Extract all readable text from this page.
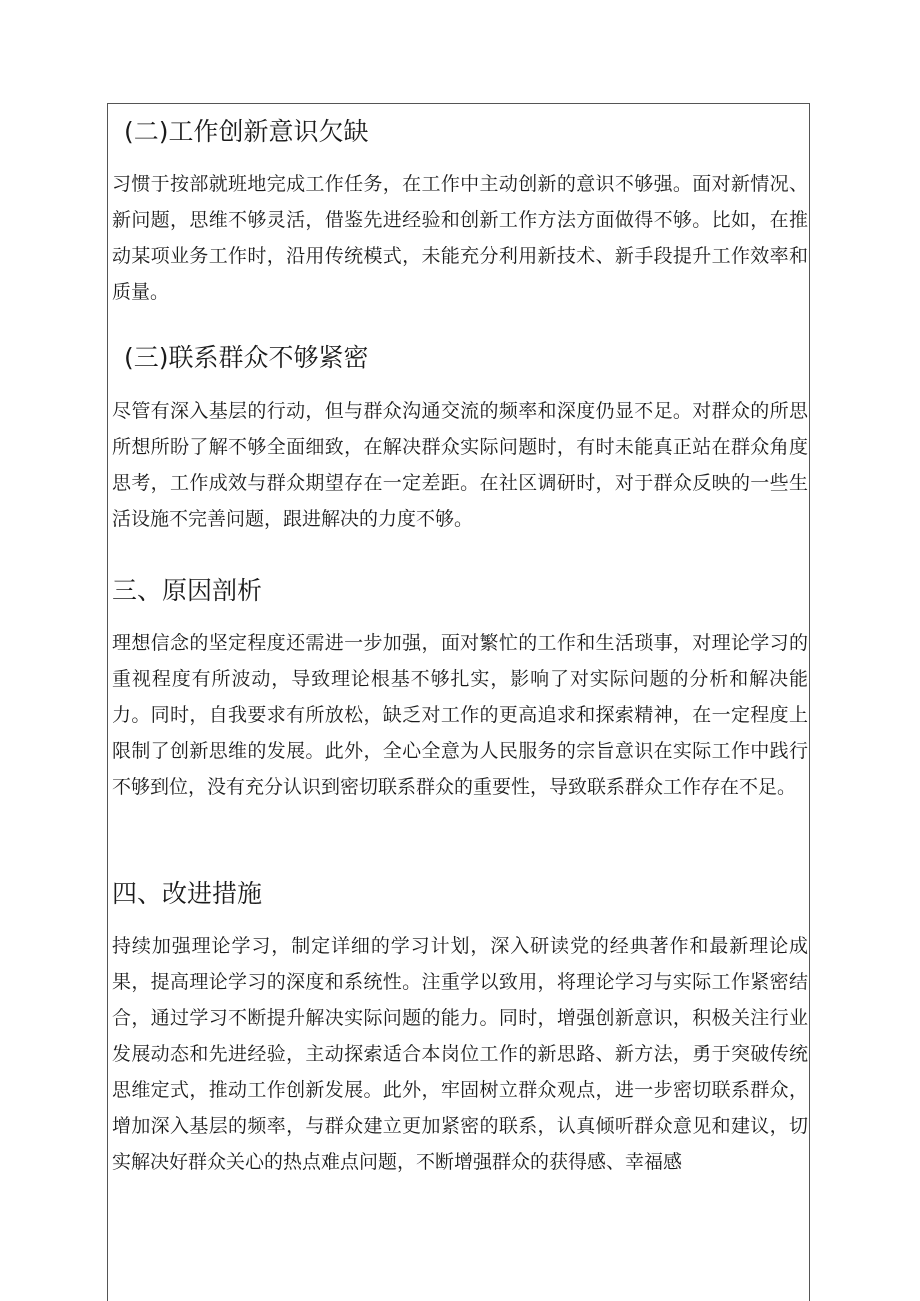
(二)工作创新意识欠缺

习惯于按部就班地完成工作任务，在工作中主动创新的意识不够强。面对新情况、新问题，思维不够灵活，借鉴先进经验和创新工作方法方面做得不够。比如，在推动某项业务工作时，沿用传统模式，未能充分利用新技术、新手段提升工作效率和质量。

(三)联系群众不够紧密

尽管有深入基层的行动，但与群众沟通交流的频率和深度仍显不足。对群众的所思所想所盼了解不够全面细致，在解决群众实际问题时，有时未能真正站在群众角度思考，工作成效与群众期望存在一定差距。在社区调研时，对于群众反映的一些生活设施不完善问题，跟进解决的力度不够。

三、原因剖析

理想信念的坚定程度还需进一步加强，面对繁忙的工作和生活琐事，对理论学习的重视程度有所波动，导致理论根基不够扎实，影响了对实际问题的分析和解决能力。同时，自我要求有所放松，缺乏对工作的更高追求和探索精神，在一定程度上限制了创新思维的发展。此外，全心全意为人民服务的宗旨意识在实际工作中践行不够到位，没有充分认识到密切联系群众的重要性，导致联系群众工作存在不足。

四、改进措施

持续加强理论学习，制定详细的学习计划，深入研读党的经典著作和最新理论成果，提高理论学习的深度和系统性。注重学以致用，将理论学习与实际工作紧密结合，通过学习不断提升解决实际问题的能力。同时，增强创新意识，积极关注行业发展动态和先进经验，主动探索适合本岗位工作的新思路、新方法，勇于突破传统思维定式，推动工作创新发展。此外，牢固树立群众观点，进一步密切联系群众，增加深入基层的频率，与群众建立更加紧密的联系，认真倾听群众意见和建议，切实解决好群众关心的热点难点问题，不断增强群众的获得感、幸福感
